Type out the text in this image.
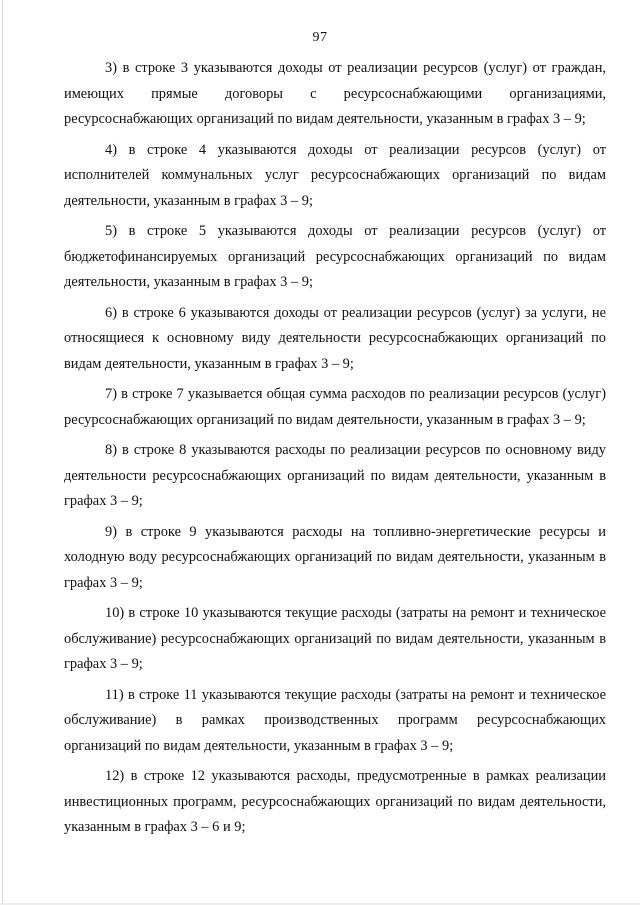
97

3) в строке 3 указываются доходы от реализации ресурсов (услуг) от граждан, имеющих прямые договоры с ресурсоснабжающими организациями, ресурсоснабжающих организаций по видам деятельности, указанным в графах 3 – 9;

4) в строке 4 указываются доходы от реализации ресурсов (услуг) от исполнителей коммунальных услуг ресурсоснабжающих организаций по видам деятельности, указанным в графах 3 – 9;

5) в строке 5 указываются доходы от реализации ресурсов (услуг) от бюджетофинансируемых организаций ресурсоснабжающих организаций по видам деятельности, указанным в графах 3 – 9;

6) в строке 6 указываются доходы от реализации ресурсов (услуг) за услуги, не относящиеся к основному виду деятельности ресурсоснабжающих организаций по видам деятельности, указанным в графах 3 – 9;

7) в строке 7 указывается общая сумма расходов по реализации ресурсов (услуг) ресурсоснабжающих организаций по видам деятельности, указанным в графах 3 – 9;

8) в строке 8 указываются расходы по реализации ресурсов по основному виду деятельности ресурсоснабжающих организаций по видам деятельности, указанным в графах 3 – 9;

9) в строке 9 указываются расходы на топливно-энергетические ресурсы и холодную воду ресурсоснабжающих организаций по видам деятельности, указанным в графах 3 – 9;

10) в строке 10 указываются текущие расходы (затраты на ремонт и техническое обслуживание) ресурсоснабжающих организаций по видам деятельности, указанным в графах 3 – 9;

11) в строке 11 указываются текущие расходы (затраты на ремонт и техническое обслуживание) в рамках производственных программ ресурсоснабжающих организаций по видам деятельности, указанным в графах 3 – 9;

12) в строке 12 указываются расходы, предусмотренные в рамках реализации инвестиционных программ, ресурсоснабжающих организаций по видам деятельности, указанным в графах 3 – 6 и 9;
